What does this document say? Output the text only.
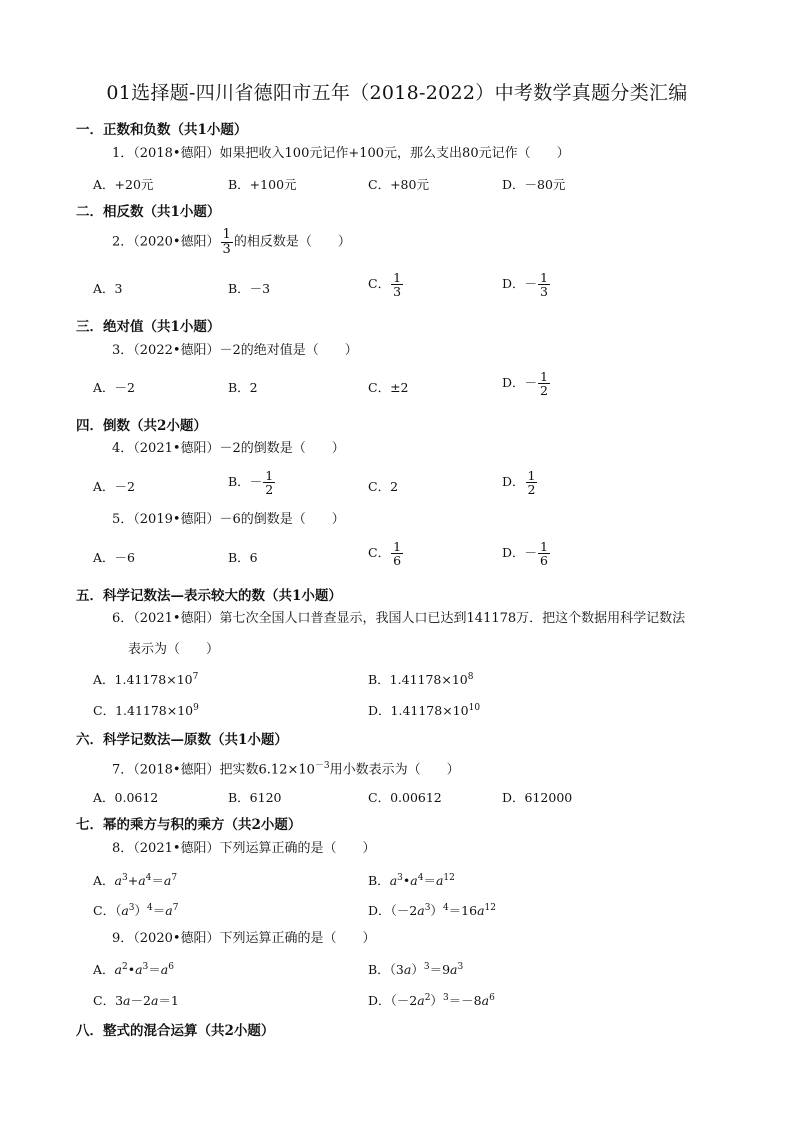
01选择题-四川省德阳市五年（2018-2022）中考数学真题分类汇编
一．正数和负数（共1小题）
1．（2018•德阳）如果把收入100元记作+100元，那么支出80元记作（　　）
A．+20元	B．+100元	C．+80元	D．－80元
二．相反数（共1小题）
2．（2020•德阳） $\frac{1}{3}$ 的相反数是（　　）
A．3	B．－3	C． $\frac{1}{3}$	D．－ $\frac{1}{3}$
三．绝对值（共1小题）
3．（2022•德阳）－2的绝对值是（　　）
A．－2	B．2	C．±2	D．－ $\frac{1}{2}$
四．倒数（共2小题）
4．（2021•德阳）－2的倒数是（　　）
A．－2	B．－ $\frac{1}{2}$	C．2	D． $\frac{1}{2}$
5．（2019•德阳）－6的倒数是（　　）
A．－6	B．6	C． $\frac{1}{6}$	D．－ $\frac{1}{6}$
五．科学记数法—表示较大的数（共1小题）
6．（2021•德阳）第七次全国人口普查显示，我国人口已达到141178万．把这个数据用科学记数法
表示为（　　）
A．$1.41178\times 10^7$	B．$1.41178\times 10^8$
C．$1.41178\times 10^9$	D．$1.41178\times 10^{10}$
六．科学记数法—原数（共1小题）
7．（2018•德阳）把实数$6.12\times 10^{-3}$用小数表示为（　　）
A．0.0612	B．6120	C．0.00612	D．612000
七．幂的乘方与积的乘方（共2小题）
8．（2021•德阳）下列运算正确的是（　　）
A．$a^3+a^4=a^7$	B．$a^3•a^4=a^{12}$
C．$(a^3)^4=a^7$	D．$(-2a^3)^4=16a^{12}$
9．（2020•德阳）下列运算正确的是（　　）
A．$a^2•a^3=a^6$	B．$(3a)^3=9a^3$
C．3a－2a＝1	D．$(-2a^2)^3=-8a^6$
八．整式的混合运算（共2小题）
